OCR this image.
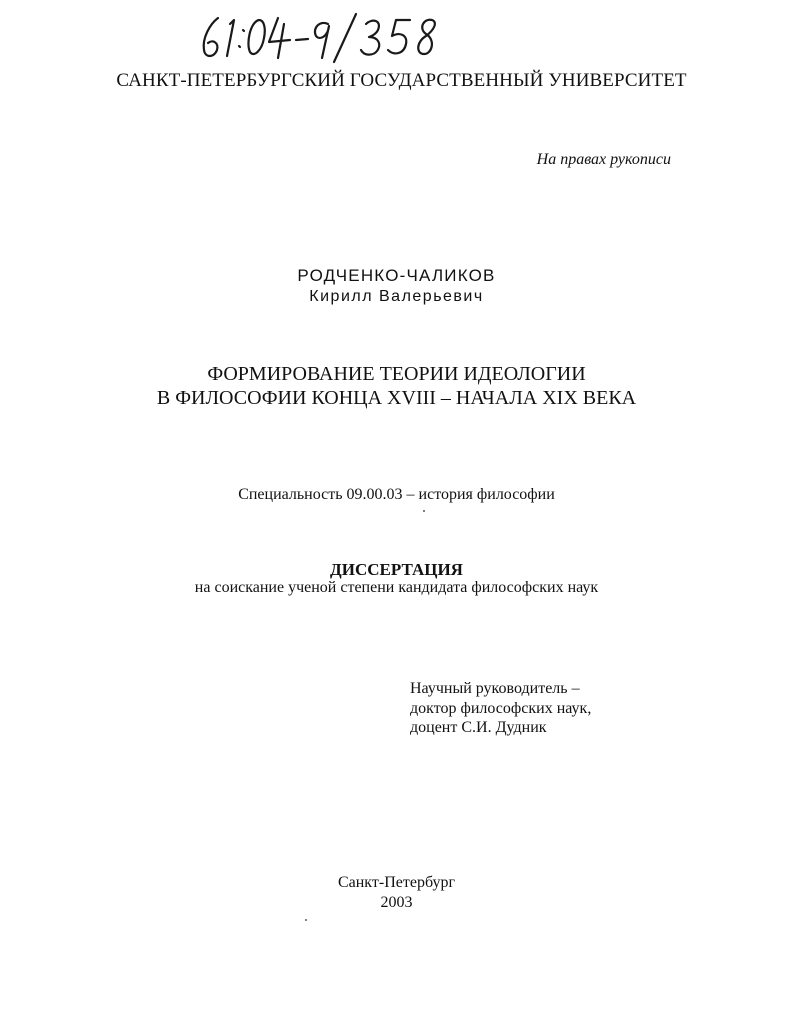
САНКТ-ПЕТЕРБУРГСКИЙ ГОСУДАРСТВЕННЫЙ УНИВЕРСИТЕТ
На правах рукописи
РОДЧЕНКО-ЧАЛИКОВ
Кирилл Валерьевич
ФОРМИРОВАНИЕ ТЕОРИИ ИДЕОЛОГИИ
В ФИЛОСОФИИ КОНЦА XVIII – НАЧАЛА XIX ВЕКА
Специальность 09.00.03 – история философии
ДИССЕРТАЦИЯ
на соискание ученой степени кандидата философских наук
Научный руководитель –
доктор философских наук,
доцент С.И. Дудник
Санкт-Петербург
2003
